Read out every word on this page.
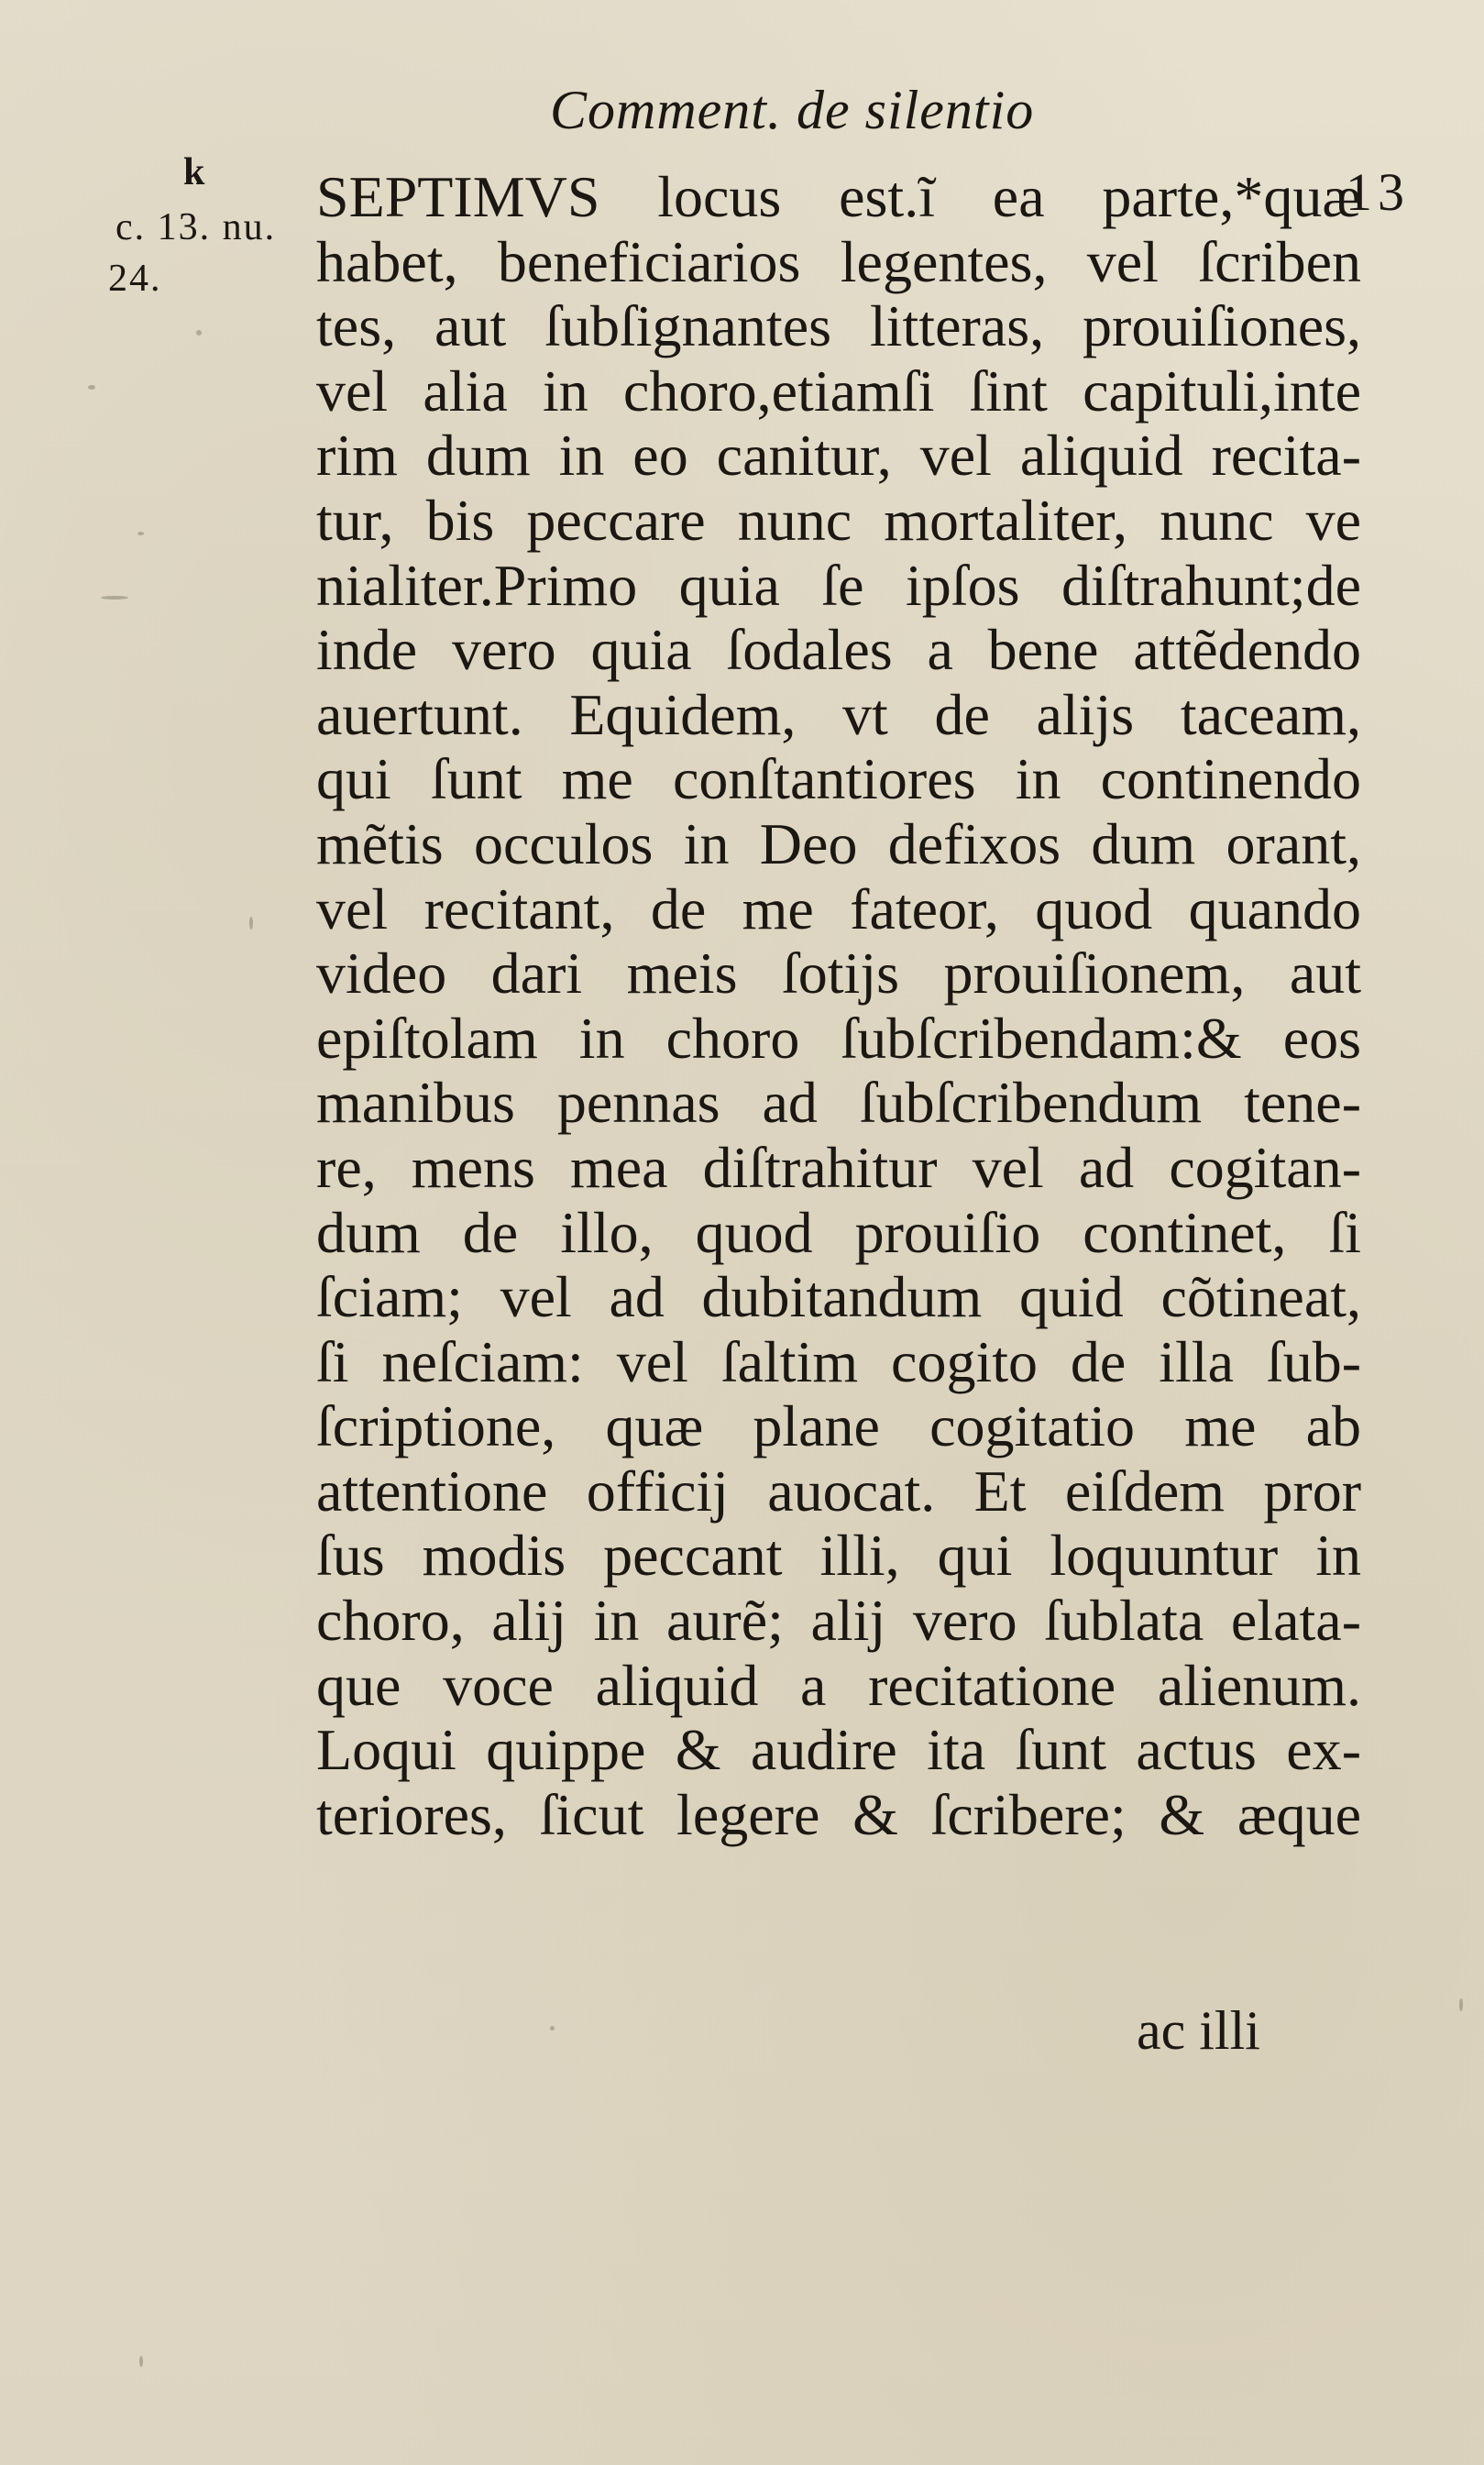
Comment. de silentio
13
k
c. 13. nu.
24.
SEPTIMVS locus est.ĩ ea parte,*quæ
habet, beneficiarios legentes, vel ſcriben
tes, aut ſubſignantes litteras, prouiſiones,
vel alia in choro,etiamſi ſint capituli,inte
rim dum in eo canitur, vel aliquid recita-
tur, bis peccare nunc mortaliter, nunc ve
nialiter.Primo quia ſe ipſos diſtrahunt;de
inde vero quia ſodales a bene attẽdendo
auertunt. Equidem, vt de alijs taceam,
qui ſunt me conſtantiores in continendo
mẽtis occulos in Deo defixos dum orant,
vel recitant, de me fateor, quod quando
video dari meis ſotijs prouiſionem, aut
epiſtolam in choro ſubſcribendam:& eos
manibus pennas ad ſubſcribendum tene-
re, mens mea diſtrahitur vel ad cogitan-
dum de illo, quod prouiſio continet, ſi
ſciam; vel ad dubitandum quid cõtineat,
ſi neſciam: vel ſaltim cogito de illa ſub-
ſcriptione, quæ plane cogitatio me ab
attentione officij auocat. Et eiſdem pror
ſus modis peccant illi, qui loquuntur in
choro, alij in aurẽ; alij vero ſublata elata-
que voce aliquid a recitatione alienum.
Loqui quippe & audire ita ſunt actus ex-
teriores, ſicut legere & ſcribere; & æque
ac illi
